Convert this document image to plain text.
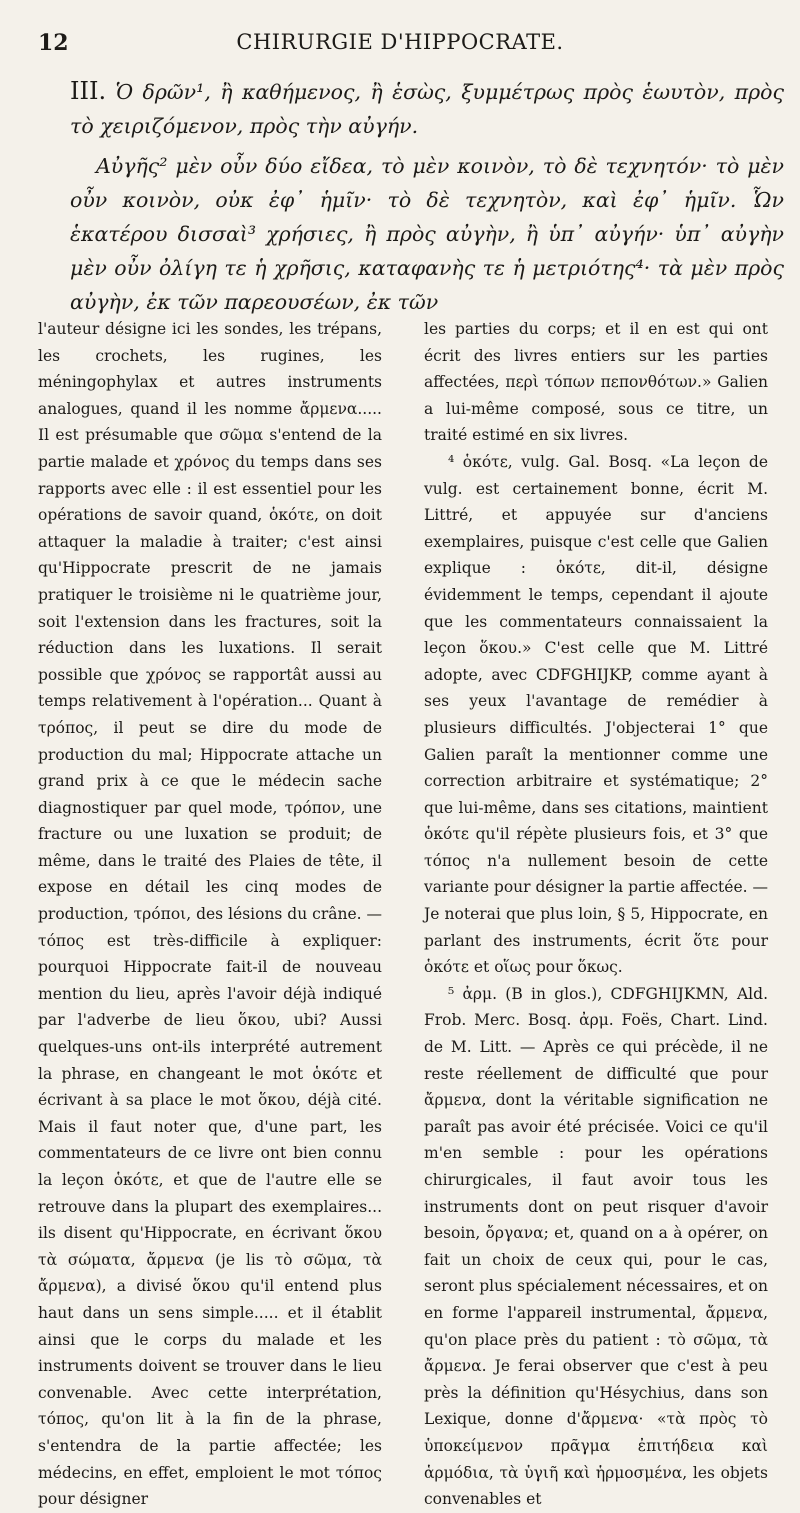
12	CHIRURGIE D'HIPPOCRATE.

III. Ὁ δρῶν¹, ἢ καθήμενος, ἢ ἑσὼς, ξυμμέτρως πρὸς ἑωυτὸν, πρὸς τὸ χειριζόμενον, πρὸς τὴν αὐγήν.

Αὐγῆς² μὲν οὖν δύο εἴδεα, τὸ μὲν κοινὸν, τὸ δὲ τεχνητόν· τὸ μὲν οὖν κοινὸν, οὐκ ἐφ᾽ ἡμῖν· τὸ δὲ τεχνητὸν, καὶ ἐφ᾽ ἡμῖν. Ὧν ἑκατέρου δισσαὶ³ χρήσιες, ἢ πρὸς αὐγὴν, ἢ ὑπ᾽ αὐγήν· ὑπ᾽ αὐγὴν μὲν οὖν ὀλίγη τε ἡ χρῆσις, καταφανὴς τε ἡ μετριότης⁴· τὰ μὲν πρὸς αὐγὴν, ἐκ τῶν παρεουσέων, ἐκ τῶν

l'auteur désigne ici les sondes, les trépans, les crochets, les rugines, les méningophylax et autres instruments analogues, quand il les nomme ἄρμενα..... Il est présumable que σῶμα s'entend de la partie malade et χρόνος du temps dans ses rapports avec elle : il est essentiel pour les opérations de savoir quand, ὁκότε, on doit attaquer la maladie à traiter; c'est ainsi qu'Hippocrate prescrit de ne jamais pratiquer le troisième ni le quatrième jour, soit l'extension dans les fractures, soit la réduction dans les luxations. Il serait possible que χρόνος se rapportât aussi au temps relativement à l'opération... Quant à τρόπος, il peut se dire du mode de production du mal; Hippocrate attache un grand prix à ce que le médecin sache diagnostiquer par quel mode, τρόπον, une fracture ou une luxation se produit; de même, dans le traité des Plaies de tête, il expose en détail les cinq modes de production, τρόποι, des lésions du crâne. — τόπος est très-difficile à expliquer: pourquoi Hippocrate fait-il de nouveau mention du lieu, après l'avoir déjà indiqué par l'adverbe de lieu ὅκου, ubi? Aussi quelques-uns ont-ils interprété autrement la phrase, en changeant le mot ὁκότε et écrivant à sa place le mot ὅκου, déjà cité. Mais il faut noter que, d'une part, les commentateurs de ce livre ont bien connu la leçon ὁκότε, et que de l'autre elle se retrouve dans la plupart des exemplaires... ils disent qu'Hippocrate, en écrivant ὅκου τὰ σώματα, ἄρμενα (je lis τὸ σῶμα, τὰ ἄρμενα), a divisé ὅκου qu'il entend plus haut dans un sens simple..... et il établit ainsi que le corps du malade et les instruments doivent se trouver dans le lieu convenable. Avec cette interprétation, τόπος, qu'on lit à la fin de la phrase, s'entendra de la partie affectée; les médecins, en effet, emploient le mot τόπος pour désigner

les parties du corps; et il en est qui ont écrit des livres entiers sur les parties affectées, περὶ τόπων πεπονθότων.» Galien a lui-même composé, sous ce titre, un traité estimé en six livres.

⁴ ὁκότε, vulg. Gal. Bosq. «La leçon de vulg. est certainement bonne, écrit M. Littré, et appuyée sur d'anciens exemplaires, puisque c'est celle que Galien explique : ὁκότε, dit-il, désigne évidemment le temps, cependant il ajoute que les commentateurs connaissaient la leçon ὅκου.» C'est celle que M. Littré adopte, avec CDFGHIJKP, comme ayant à ses yeux l'avantage de remédier à plusieurs difficultés. J'objecterai 1° que Galien paraît la mentionner comme une correction arbitraire et systématique; 2° que lui-même, dans ses citations, maintient ὁκότε qu'il répète plusieurs fois, et 3° que τόπος n'a nullement besoin de cette variante pour désigner la partie affectée. — Je noterai que plus loin, § 5, Hippocrate, en parlant des instruments, écrit ὅτε pour ὁκότε et οἵως pour ὅκως.

⁵ ἀρμ. (B in glos.), CDFGHIJKMN, Ald. Frob. Merc. Bosq. ἀρμ. Foës, Chart. Lind. de M. Litt. — Après ce qui précède, il ne reste réellement de difficulté que pour ἄρμενα, dont la véritable signification ne paraît pas avoir été précisée. Voici ce qu'il m'en semble : pour les opérations chirurgicales, il faut avoir tous les instruments dont on peut risquer d'avoir besoin, ὄργανα; et, quand on a à opérer, on fait un choix de ceux qui, pour le cas, seront plus spécialement nécessaires, et on en forme l'appareil instrumental, ἄρμενα, qu'on place près du patient : τὸ σῶμα, τὰ ἄρμενα. Je ferai observer que c'est à peu près la définition qu'Hésychius, dans son Lexique, donne d'ἄρμενα· «τὰ πρὸς τὸ ὑποκείμενον πρᾶγμα ἐπιτήδεια καὶ ἁρμόδια, τὰ ὑγιῆ καὶ ἡρμοσμένα, les objets convenables et
